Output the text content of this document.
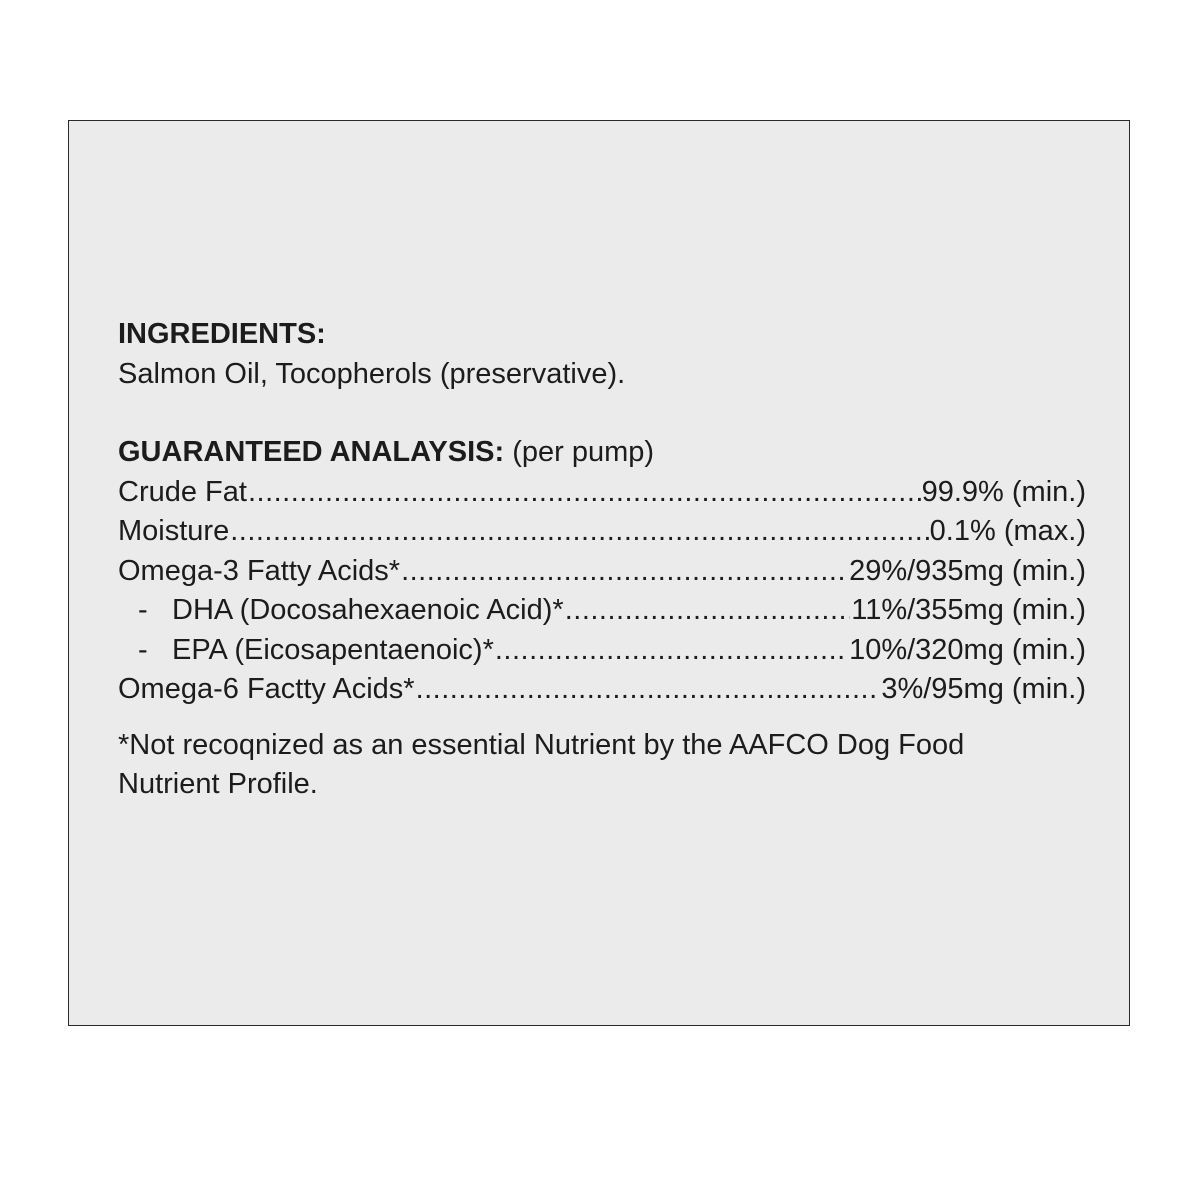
INGREDIENTS:
Salmon Oil, Tocopherols (preservative).
GUARANTEED ANALAYSIS: (per pump)
Crude Fat .....	99.9% (min.)
Moisture .....	0.1% (max.)
Omega-3 Fatty Acids* .....	29%/935mg (min.)
- DHA (Docosahexaenoic Acid)* .....	11%/355mg (min.)
- EPA (Eicosapentaenoic)* .....	10%/320mg (min.)
Omega-6 Factty Acids* .....	3%/95mg (min.)
*Not recoqnized as an essential Nutrient by the AAFCO Dog Food
Nutrient Profile.
